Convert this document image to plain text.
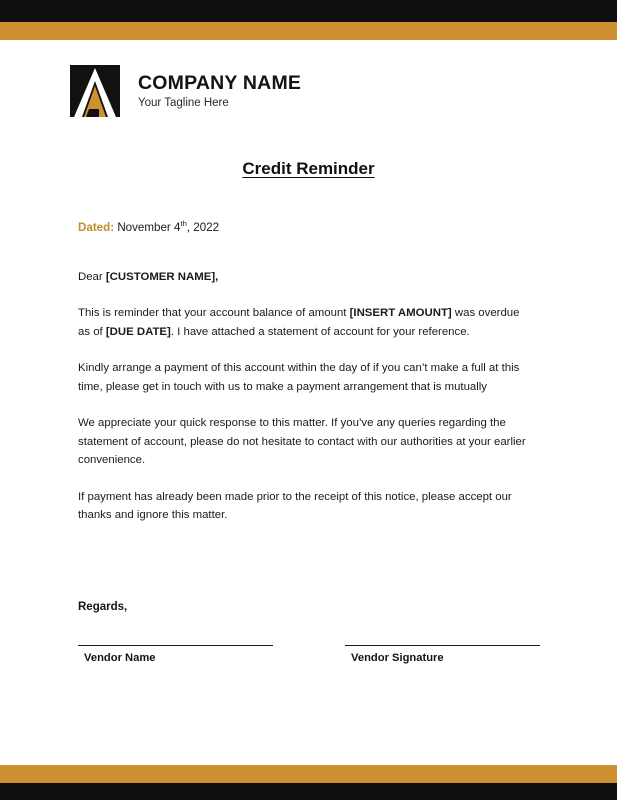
COMPANY NAME
Your Tagline Here
Credit Reminder
Dated: November 4th, 2022
Dear [CUSTOMER NAME],
This is reminder that your account balance of amount [INSERT AMOUNT] was overdue as of [DUE DATE]. I have attached a statement of account for your reference.
Kindly arrange a payment of this account within the day of if you can’t make a full at this time, please get in touch with us to make a payment arrangement that is mutually
We appreciate your quick response to this matter. If you’ve any queries regarding the statement of account, please do not hesitate to contact with our authorities at your earlier convenience.
If payment has already been made prior to the receipt of this notice, please accept our thanks and ignore this matter.
Regards,
Vendor Name	Vendor Signature
